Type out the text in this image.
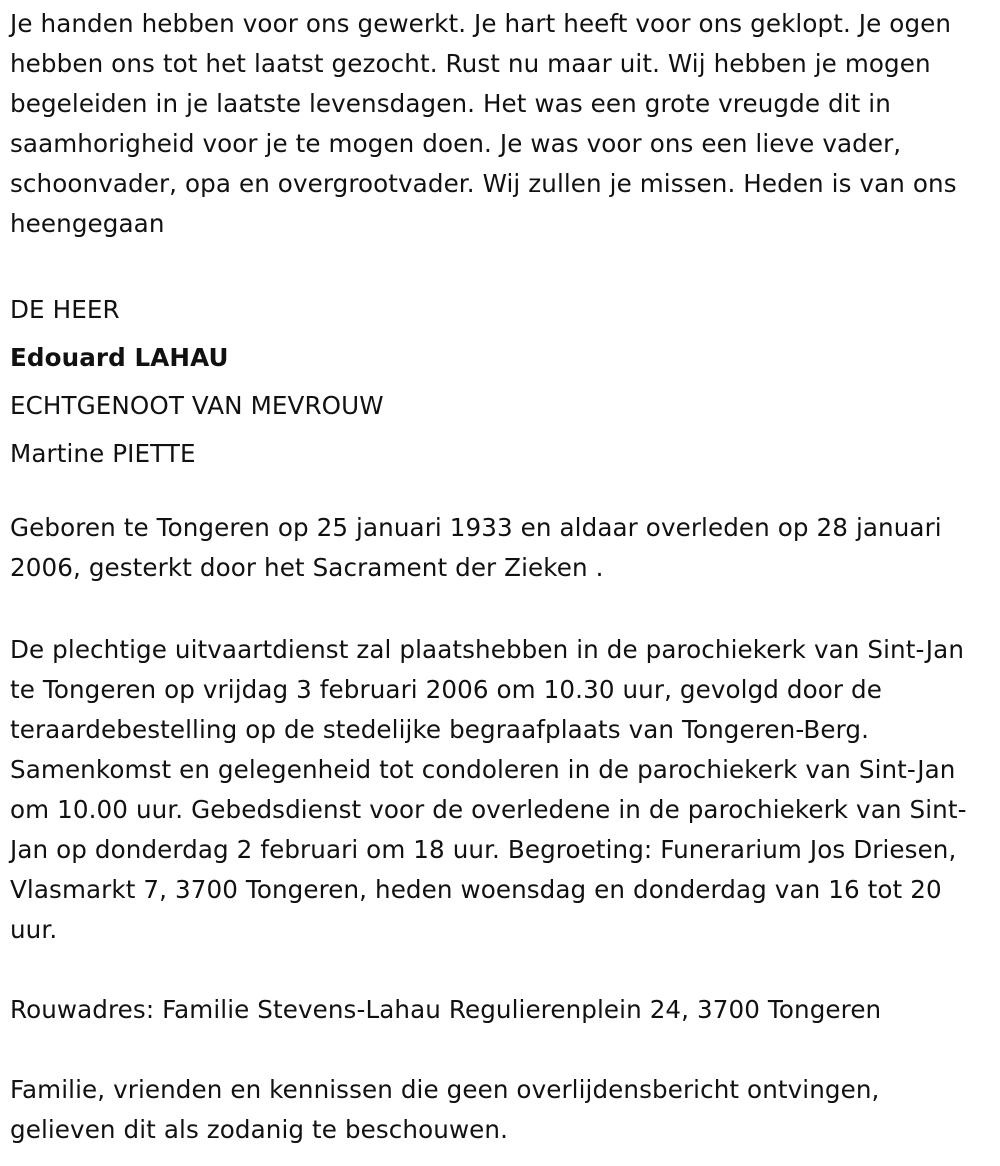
Je handen hebben voor ons gewerkt. Je hart heeft voor ons geklopt. Je ogen hebben ons tot het laatst gezocht. Rust nu maar uit. Wij hebben je mogen begeleiden in je laatste levensdagen. Het was een grote vreugde dit in saamhorigheid voor je te mogen doen. Je was voor ons een lieve vader, schoonvader, opa en overgrootvader. Wij zullen je missen. Heden is van ons heengegaan

DE HEER
Edouard LAHAU
ECHTGENOOT VAN MEVROUW
Martine PIETTE

Geboren te Tongeren op 25 januari 1933 en aldaar overleden op 28 januari 2006, gesterkt door het Sacrament der Zieken .

De plechtige uitvaartdienst zal plaatshebben in de parochiekerk van Sint-Jan te Tongeren op vrijdag 3 februari 2006 om 10.30 uur, gevolgd door de teraardebestelling op de stedelijke begraafplaats van Tongeren-Berg. Samenkomst en gelegenheid tot condoleren in de parochiekerk van Sint-Jan om 10.00 uur. Gebedsdienst voor de overledene in de parochiekerk van Sint-Jan op donderdag 2 februari om 18 uur. Begroeting: Funerarium Jos Driesen, Vlasmarkt 7, 3700 Tongeren, heden woensdag en donderdag van 16 tot 20 uur.

Rouwadres: Familie Stevens-Lahau Regulierenplein 24, 3700 Tongeren

Familie, vrienden en kennissen die geen overlijdensbericht ontvingen, gelieven dit als zodanig te beschouwen.
